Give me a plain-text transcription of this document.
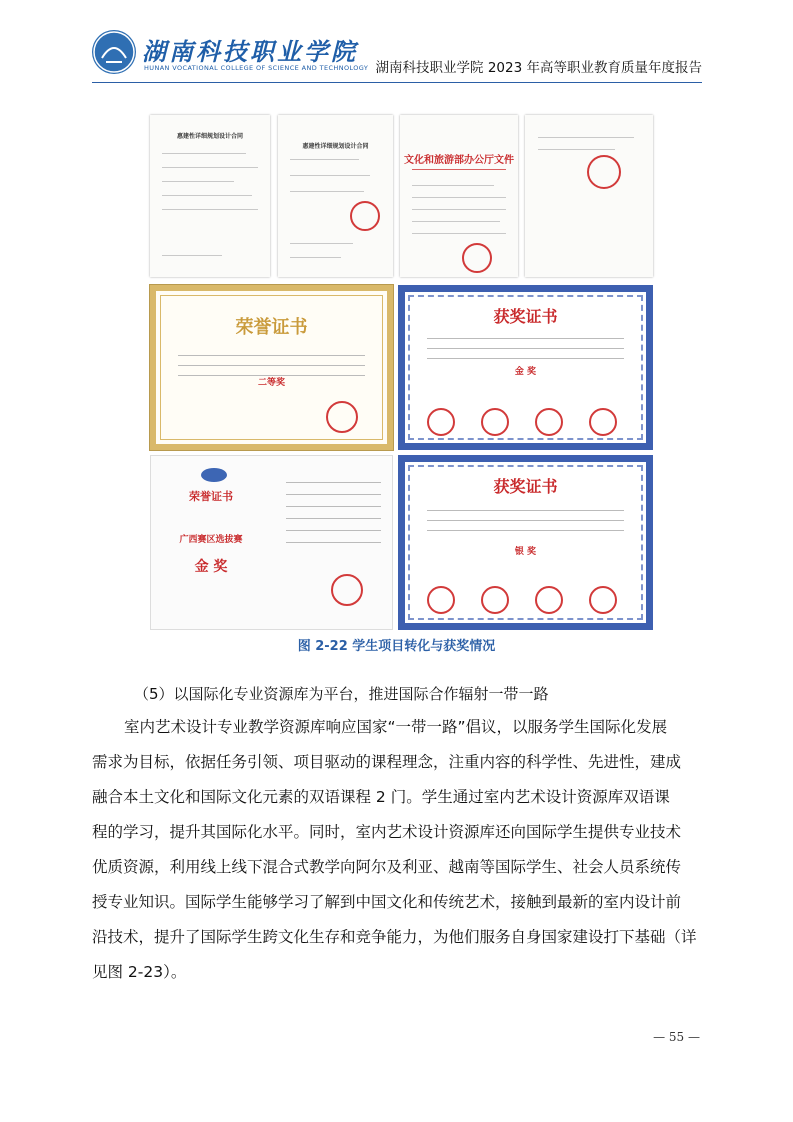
湖南科技职业学院
HUNAN VOCATIONAL COLLEGE OF SCIENCE AND TECHNOLOGY 湖南科技职业学院 2023 年高等职业教育质量年度报告
惠建性详细规划设计合同
惠建性详细规划设计合同
文化和旅游部办公厅文件
荣誉证书
二等奖
获奖证书
金 奖
荣誉证书
广西赛区选拔赛
金 奖
获奖证书
银 奖
图 2-22 学生项目转化与获奖情况
（5）以国际化专业资源库为平台，推进国际合作辐射一带一路
室内艺术设计专业教学资源库响应国家“一带一路”倡议，以服务学生国际化发展
需求为目标，依据任务引领、项目驱动的课程理念，注重内容的科学性、先进性，建成
融合本土文化和国际文化元素的双语课程 2 门。学生通过室内艺术设计资源库双语课
程的学习，提升其国际化水平。同时，室内艺术设计资源库还向国际学生提供专业技术
优质资源，利用线上线下混合式教学向阿尔及利亚、越南等国际学生、社会人员系统传
授专业知识。国际学生能够学习了解到中国文化和传统艺术，接触到最新的室内设计前
沿技术，提升了国际学生跨文化生存和竞争能力，为他们服务自身国家建设打下基础（详
见图 2-23）。
— 55 —
